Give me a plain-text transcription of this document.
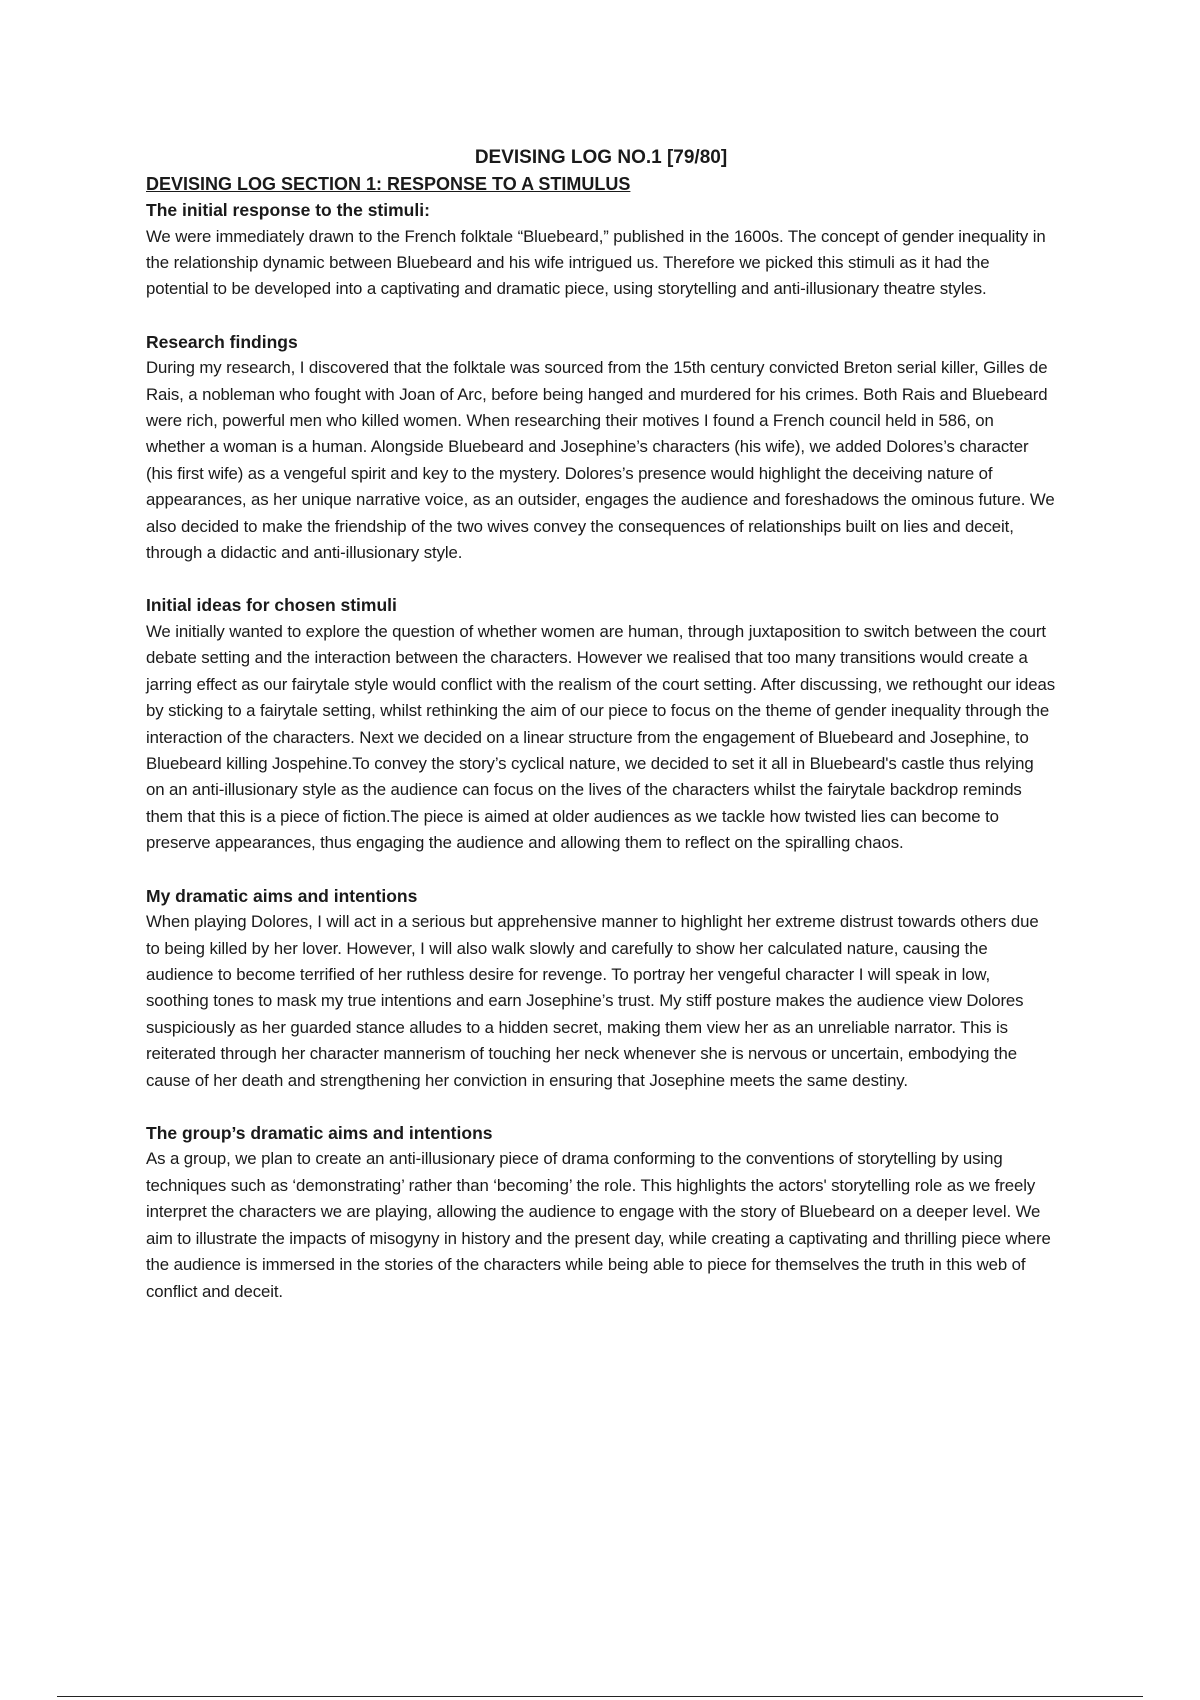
DEVISING LOG NO.1 [79/80]
DEVISING LOG SECTION 1: RESPONSE TO A STIMULUS
The initial response to the stimuli:

We were immediately drawn to the French folktale “Bluebeard,” published in the 1600s. The concept of gender inequality in the relationship dynamic between Bluebeard and his wife intrigued us. Therefore we picked this stimuli as it had the potential to be developed into a captivating and dramatic piece, using storytelling and anti-illusionary theatre styles.

Research findings

During my research, I discovered that the folktale was sourced from the 15th century convicted Breton serial killer, Gilles de Rais, a nobleman who fought with Joan of Arc, before being hanged and murdered for his crimes. Both Rais and Bluebeard were rich, powerful men who killed women. When researching their motives I found a French council held in 586, on whether a woman is a human. Alongside Bluebeard and Josephine’s characters (his wife), we added Dolores’s character (his first wife) as a vengeful spirit and key to the mystery. Dolores’s presence would highlight the deceiving nature of appearances, as her unique narrative voice, as an outsider, engages the audience and foreshadows the ominous future. We also decided to make the friendship of the two wives convey the consequences of relationships built on lies and deceit, through a didactic and anti-illusionary style.

Initial ideas for chosen stimuli

We initially wanted to explore the question of whether women are human, through juxtaposition to switch between the court debate setting and the interaction between the characters. However we realised that too many transitions would create a jarring effect as our fairytale style would conflict with the realism of the court setting. After discussing, we rethought our ideas by sticking to a fairytale setting, whilst rethinking the aim of our piece to focus on the theme of gender inequality through the interaction of the characters. Next we decided on a linear structure from the engagement of Bluebeard and Josephine, to Bluebeard killing Jospehine.To convey the story’s cyclical nature, we decided to set it all in Bluebeard's castle thus relying on an anti-illusionary style as the audience can focus on the lives of the characters whilst the fairytale backdrop reminds them that this is a piece of fiction.The piece is aimed at older audiences as we tackle how twisted lies can become to preserve appearances, thus engaging the audience and allowing them to reflect on the spiralling chaos.

My dramatic aims and intentions

When playing Dolores, I will act in a serious but apprehensive manner to highlight her extreme distrust towards others due to being killed by her lover. However, I will also walk slowly and carefully to show her calculated nature, causing the audience to become terrified of her ruthless desire for revenge. To portray her vengeful character I will speak in low, soothing tones to mask my true intentions and earn Josephine’s trust. My stiff posture makes the audience view Dolores suspiciously as her guarded stance alludes to a hidden secret, making them view her as an unreliable narrator. This is reiterated through her character mannerism of touching her neck whenever she is nervous or uncertain, embodying the cause of her death and strengthening her conviction in ensuring that Josephine meets the same destiny.

The group’s dramatic aims and intentions

As a group, we plan to create an anti-illusionary piece of drama conforming to the conventions of storytelling by using techniques such as ‘demonstrating’ rather than ‘becoming’ the role. This highlights the actors' storytelling role as we freely interpret the characters we are playing, allowing the audience to engage with the story of Bluebeard on a deeper level. We aim to illustrate the impacts of misogyny in history and the present day, while creating a captivating and thrilling piece where the audience is immersed in the stories of the characters while being able to piece for themselves the truth in this web of conflict and deceit.
